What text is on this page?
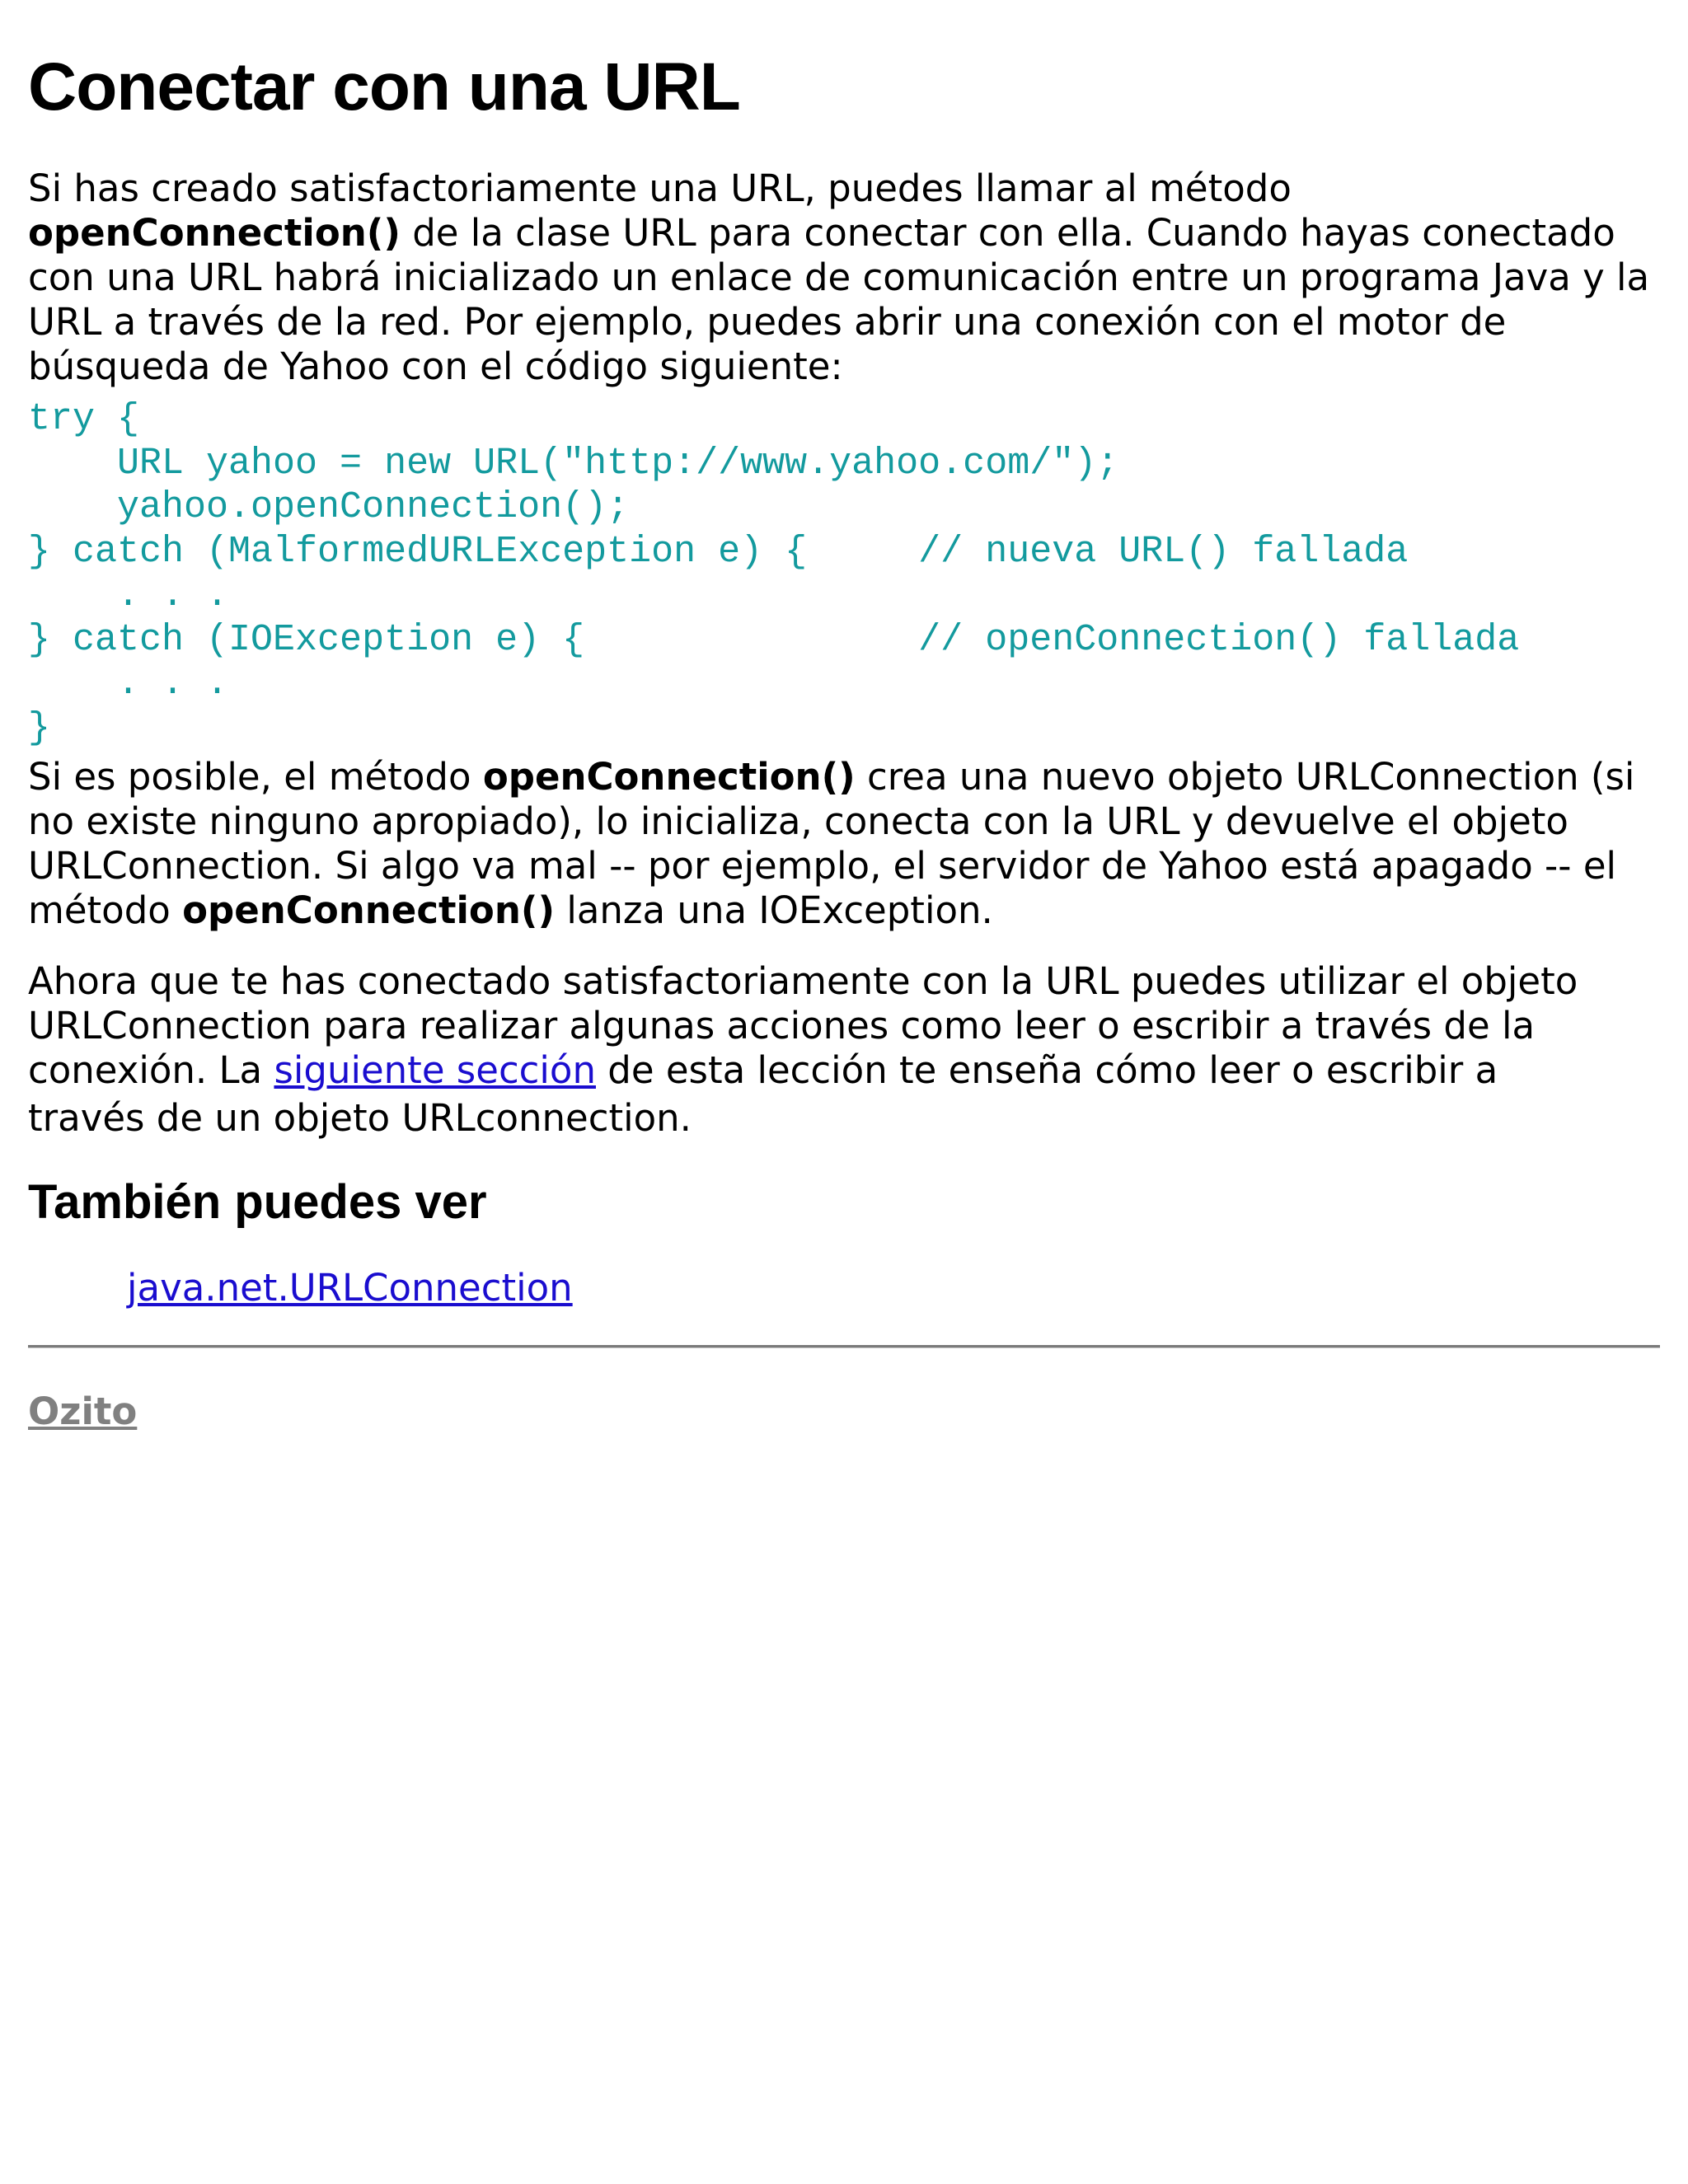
Conectar con una URL

Si has creado satisfactoriamente una URL, puedes llamar al método
openConnection() de la clase URL para conectar con ella. Cuando hayas conectado con una URL habrá inicializado un enlace de comunicación entre un programa Java y la URL a través de la red. Por ejemplo, puedes abrir una conexión con el motor de búsqueda de Yahoo con el código siguiente:

try {
URL yahoo = new URL("http://www.yahoo.com/");
yahoo.openConnection();
} catch (MalformedURLException e) {     // nueva URL() fallada
. . .
} catch (IOException e) {               // openConnection() fallada
. . .
}

Si es posible, el método openConnection() crea una nuevo objeto URLConnection (si no existe ninguno apropiado), lo inicializa, conecta con la URL y devuelve el objeto URLConnection. Si algo va mal -- por ejemplo, el servidor de Yahoo está apagado -- el método openConnection() lanza una IOException.

Ahora que te has conectado satisfactoriamente con la URL puedes utilizar el objeto URLConnection para realizar algunas acciones como leer o escribir a través de la conexión. La siguiente sección de esta lección te enseña cómo leer o escribir a
través de un objeto URLconnection.

También puedes ver
java.net.URLConnection
Ozito
